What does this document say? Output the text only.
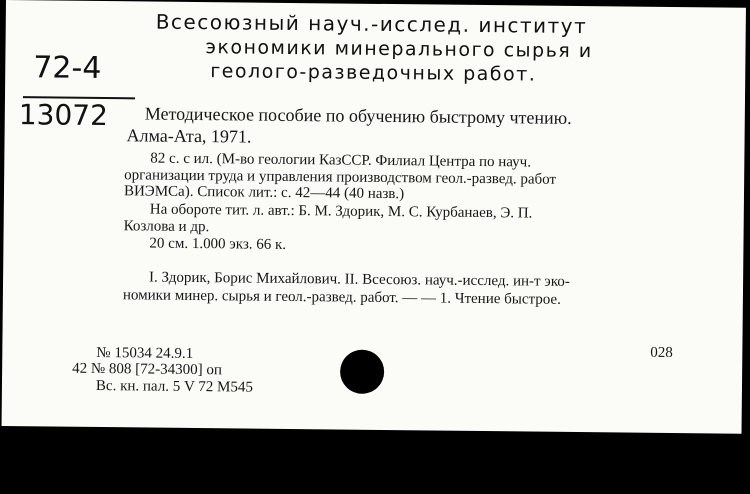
Всесоюзный науч.-исслед. институт
экономики минерального сырья и
геолого-разведочных работ.
72-4
13072 Методическое пособие по обучению быстрому чтению.
Алма-Ата, 1971.
82 с. с ил. (М-во геологии КазССР. Филиал Центра по науч.
организации труда и управления производством геол.-развед. работ
ВИЭМСа). Список лит.: с. 42—44 (40 назв.)
На обороте тит. л. авт.: Б. М. Здорик, М. С. Курбанаев, Э. П.
Козлова и др.
20 см. 1.000 экз. 66 к.
I. Здорик, Борис Михайлович. II. Всесоюз. науч.-исслед. ин-т эко-
номики минер. сырья и геол.-развед. работ. — — 1. Чтение быстрое.
№ 15034 24.9.1
42 № 808 [72-34300] оп
Вс. кн. пал. 5 V 72 M545
028
